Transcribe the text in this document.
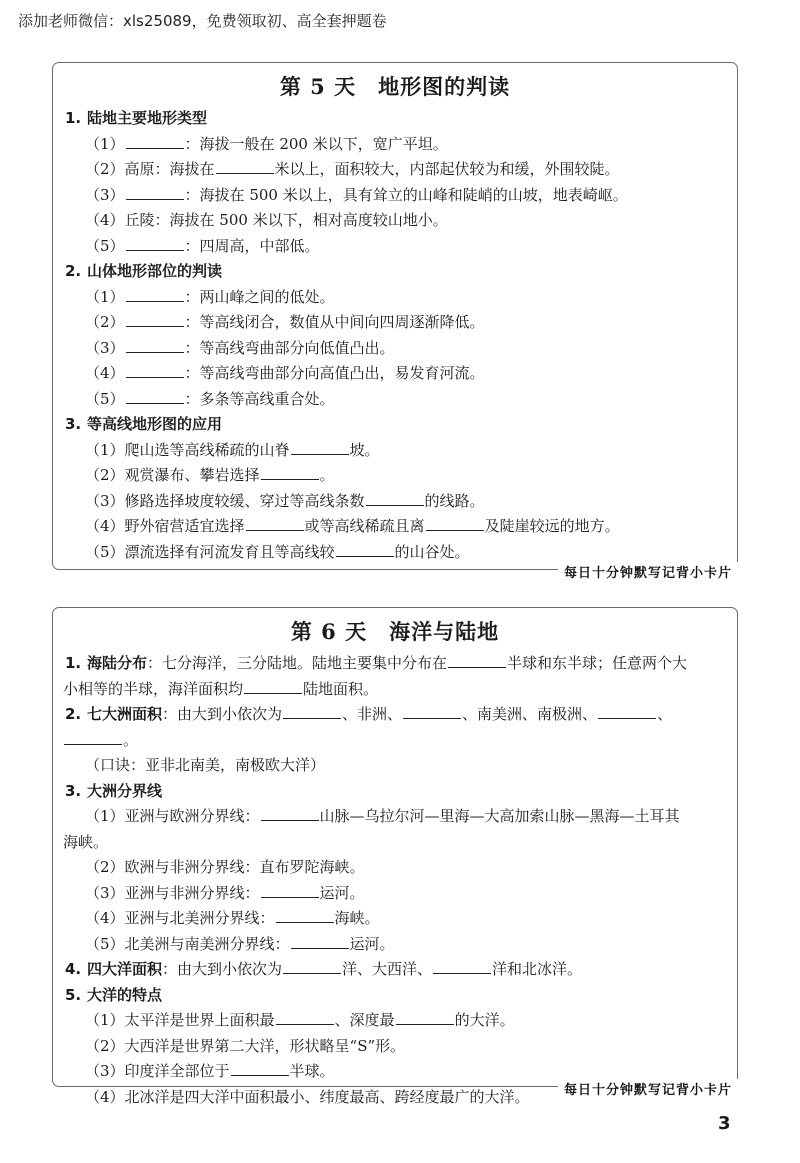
添加老师微信：xls25089，免费领取初、高全套押题卷
第 5 天　地形图的判读
1. 陆地主要地形类型
（1）	：海拔一般在 200 米以下，宽广平坦。
（2）高原：海拔在	米以上，面积较大，内部起伏较为和缓，外围较陡。
（3）	：海拔在 500 米以上，具有耸立的山峰和陡峭的山坡，地表崎岖。
（4）丘陵：海拔在 500 米以下，相对高度较山地小。
（5）	：四周高，中部低。
2. 山体地形部位的判读
（1）	：两山峰之间的低处。
（2）	：等高线闭合，数值从中间向四周逐渐降低。
（3）	：等高线弯曲部分向低值凸出。
（4）	：等高线弯曲部分向高值凸出，易发育河流。
（5）	：多条等高线重合处。
3. 等高线地形图的应用
（1）爬山选等高线稀疏的山脊	坡。
（2）观赏瀑布、攀岩选择	。
（3）修路选择坡度较缓、穿过等高线条数	的线路。
（4）野外宿营适宜选择	或等高线稀疏且离	及陡崖较远的地方。
（5）漂流选择有河流发育且等高线较	的山谷处。
每日十分钟默写记背小卡片
第 6 天　海洋与陆地
1. 海陆分布：七分海洋，三分陆地。陆地主要集中分布在	半球和东半球；任意两个大
小相等的半球，海洋面积均	陆地面积。
2. 七大洲面积：由大到小依次为	、非洲、	、南美洲、南极洲、	、。
（口诀：亚非北南美，南极欧大洋）
3. 大洲分界线
（1）亚洲与欧洲分界线：	山脉—乌拉尔河—里海—大高加索山脉—黑海—土耳其
海峡。
（2）欧洲与非洲分界线：直布罗陀海峡。
（3）亚洲与非洲分界线：	运河。
（4）亚洲与北美洲分界线：	海峡。
（5）北美洲与南美洲分界线：	运河。
4. 四大洋面积：由大到小依次为	洋、大西洋、	洋和北冰洋。
5. 大洋的特点
（1）太平洋是世界上面积最	、深度最	的大洋。
（2）大西洋是世界第二大洋，形状略呈“S”形。
（3）印度洋全部位于	半球。
（4）北冰洋是四大洋中面积最小、纬度最高、跨经度最广的大洋。	每日十分钟默写记背小卡片
3
